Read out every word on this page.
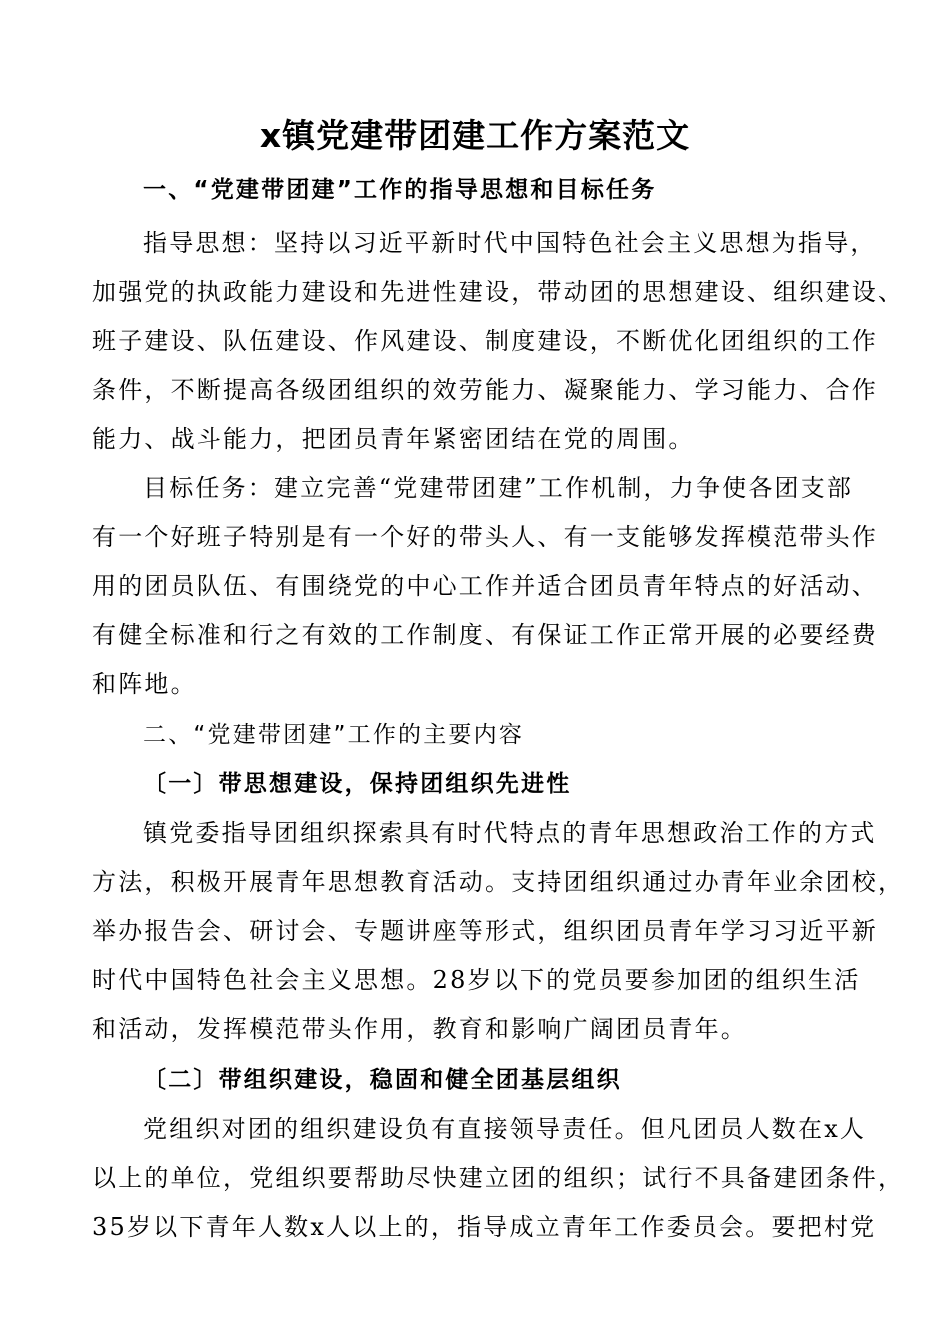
x镇党建带团建工作方案范文
一、“党建带团建”工作的指导思想和目标任务
指导思想：坚持以习近平新时代中国特色社会主义思想为指导，
加强党的执政能力建设和先进性建设，带动团的思想建设、组织建设、
班子建设、队伍建设、作风建设、制度建设，不断优化团组织的工作
条件，不断提高各级团组织的效劳能力、凝聚能力、学习能力、合作
能力、战斗能力，把团员青年紧密团结在党的周围。
目标任务：建立完善“党建带团建”工作机制，力争使各团支部
有一个好班子特别是有一个好的带头人、有一支能够发挥模范带头作
用的团员队伍、有围绕党的中心工作并适合团员青年特点的好活动、
有健全标准和行之有效的工作制度、有保证工作正常开展的必要经费
和阵地。
二、“党建带团建”工作的主要内容
〔一〕带思想建设，保持团组织先进性
镇党委指导团组织探索具有时代特点的青年思想政治工作的方式
方法，积极开展青年思想教育活动。支持团组织通过办青年业余团校，
举办报告会、研讨会、专题讲座等形式，组织团员青年学习习近平新
时代中国特色社会主义思想。28岁以下的党员要参加团的组织生活
和活动，发挥模范带头作用，教育和影响广阔团员青年。
〔二〕带组织建设，稳固和健全团基层组织
党组织对团的组织建设负有直接领导责任。但凡团员人数在x人
以上的单位，党组织要帮助尽快建立团的组织；试行不具备建团条件，
35岁以下青年人数x人以上的，指导成立青年工作委员会。要把村党
